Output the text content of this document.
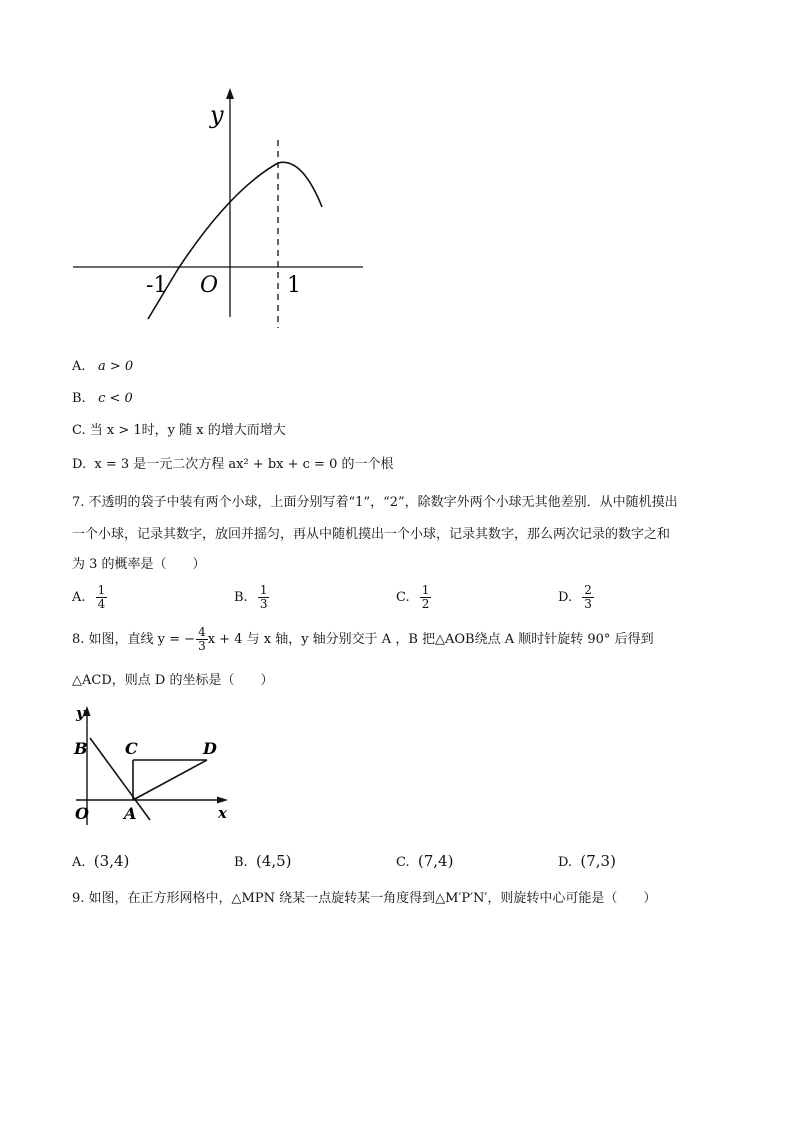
y
O
-1	1
A. a > 0
B. c < 0
C. 当 x > 1时，y 随 x 的增大而增大
D. x = 3 是一元二次方程 ax² + bx + c = 0 的一个根
7. 不透明的袋子中装有两个小球，上面分别写着“1”，“2”，除数字外两个小球无其他差别．从中随机摸出
一个小球，记录其数字，放回并摇匀，再从中随机摸出一个小球，记录其数字，那么两次记录的数字之和
为 3 的概率是（　　）
A. $\frac{1}{4}$	B. $\frac{1}{3}$	C. $\frac{1}{2}$	D. $\frac{2}{3}$
8. 如图，直线 y = − $\frac{4}{3}$ x + 4 与 x 轴，y 轴分别交于 A ，B 把△AOB绕点 A 顺时针旋转 90° 后得到
△ACD，则点 D 的坐标是（　　）
y
x
B C	D
O A
A. (3,4)	B. (4,5)	C. (7,4)	D. (7,3)
9. 如图，在正方形网格中，△MPN 绕某一点旋转某一角度得到△M′P′N′，则旋转中心可能是（　　）
